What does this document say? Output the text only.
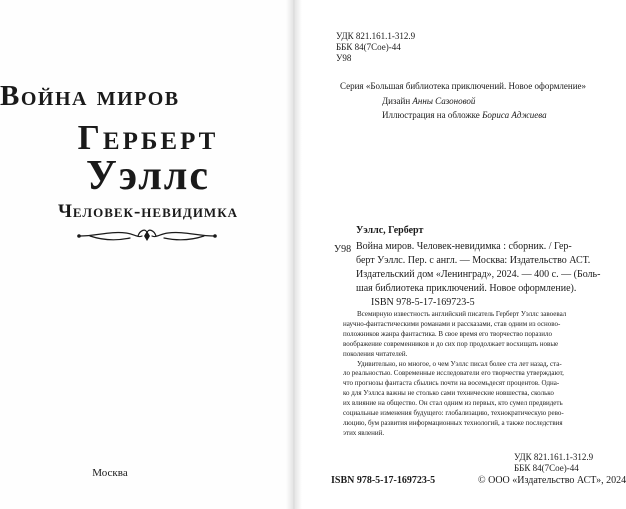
Война миров
Герберт
Уэллс
Человек-невидимка
Москва
УДК 821.161.1-312.9
ББК 84(7Сое)-44
У98
Серия «Большая библиотека приключений. Новое оформление»
Дизайн Анны Сазоновой
Иллюстрация на обложке Бориса Аджиева
Уэллс, Герберт
У98 Война миров. Человек-невидимка : сборник. / Гер-
берт Уэллс. Пер. с англ. — Москва: Издательство АСТ.
Издательский дом «Ленинград», 2024. — 400 с. — (Боль-
шая библиотека приключений. Новое оформление).
ISBN 978-5-17-169723-5
Всемирную известность английский писатель Герберт Уэллс завоевал
научно-фантастическими романами и рассказами, став одним из осново-
положников жанра фантастика. В свое время его творчество поразило
воображение современников и до сих пор продолжает восхищать новые
поколения читателей.
Удивительно, но многое, о чем Уэллс писал более ста лет назад, ста-
ло реальностью. Современные исследователи его творчества утверждают,
что прогнозы фантаста сбылись почти на восемьдесят процентов. Одна-
ко для Уэллса важны не столько сами технические новшества, сколько
их влияние на общество. Он стал одним из первых, кто сумел предвидеть
социальные изменения будущего: глобализацию, технократическую рево-
люцию, бум развития информационных технологий, а также последствия
этих явлений.
УДК 821.161.1-312.9
ББК 84(7Сое)-44
ISBN 978-5-17-169723-5	© ООО «Издательство АСТ», 2024
